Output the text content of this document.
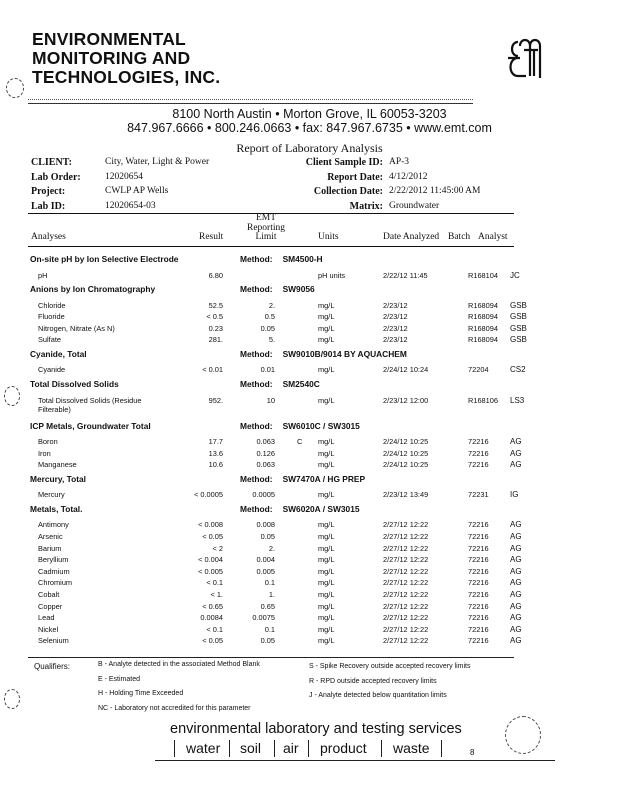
ENVIRONMENTAL
MONITORING AND
TECHNOLOGIES, INC.
8100 North Austin • Morton Grove, IL 60053-3203
847.967.6666 • 800.246.0663 • fax: 847.967.6735 • www.emt.com
Report of Laboratory Analysis
CLIENT:	City, Water, Light & Power
Lab Order:	12020654
Project:	CWLP AP Wells
Lab ID:	12020654-03
Client Sample ID: AP-3
Report Date: 4/12/2012
Collection Date: 2/22/2012 11:45:00 AM
Matrix: Groundwater
Analyses	Result
EMT
Reporting
Limit	Units	Date Analyzed Batch Analyst
On-site pH by Ion Selective Electrode	Method: SM4500-H
pH	6.80	pH units	2/22/12 11:45	R168104 JC
Anions by Ion Chromatography	Method: SW9056
Chloride	52.5	2.	mg/L	2/23/12	R168094 GSB
Fluoride	< 0.5	0.5	mg/L	2/23/12	R168094 GSB
Nitrogen, Nitrate (As N)	0.23	0.05	mg/L	2/23/12	R168094 GSB
Sulfate	281.	5.	mg/L	2/23/12	R168094 GSB
Cyanide, Total	Method: SW9010B/9014 BY AQUACHEM
Cyanide	< 0.01	0.01	mg/L	2/24/12 10:24	72204	CS2
Total Dissolved Solids	Method: SM2540C
Total Dissolved Solids (Residue Filterable)
952.	10	mg/L	2/23/12 12:00	R168106 LS3
ICP Metals, Groundwater Total	Method: SW6010C / SW3015
Boron	17.7	0.063	C mg/L	2/24/12 10:25	72216	AG
Iron	13.6	0.126	mg/L	2/24/12 10:25	72216	AG
Manganese	10.6	0.063	mg/L	2/24/12 10:25	72216	AG
Mercury, Total	Method: SW7470A / HG PREP
Mercury	< 0.0005	0.0005	mg/L	2/23/12 13:49	72231	IG
Metals, Total.	Method: SW6020A / SW3015
Antimony	< 0.008	0.008	mg/L	2/27/12 12:22	72216	AG
Arsenic	< 0.05	0.05	mg/L	2/27/12 12:22	72216	AG
Barium	< 2	2.	mg/L	2/27/12 12:22	72216	AG
Beryllium	< 0.004	0.004	mg/L	2/27/12 12:22	72216	AG
Cadmium	< 0.005	0.005	mg/L	2/27/12 12:22	72216	AG
Chromium	< 0.1	0.1	mg/L	2/27/12 12:22	72216	AG
Cobalt	< 1.	1.	mg/L	2/27/12 12:22	72216	AG
Copper	< 0.65	0.65	mg/L	2/27/12 12:22	72216	AG
Lead	0.0084	0.0075	mg/L	2/27/12 12:22	72216	AG
Nickel	< 0.1	0.1	mg/L	2/27/12 12:22	72216	AG
Selenium	< 0.05	0.05	mg/L	2/27/12 12:22	72216	AG
Qualifiers:	B - Analyte detected in the associated Method Blank
E - Estimated
H - Holding Time Exceeded
NC - Laboratory not accredited for this parameter
S - Spike Recovery outside accepted recovery limits
R - RPD outside accepted recovery limits
J - Analyte detected below quantitation limits
environmental laboratory and testing services
water soil air product waste	8
